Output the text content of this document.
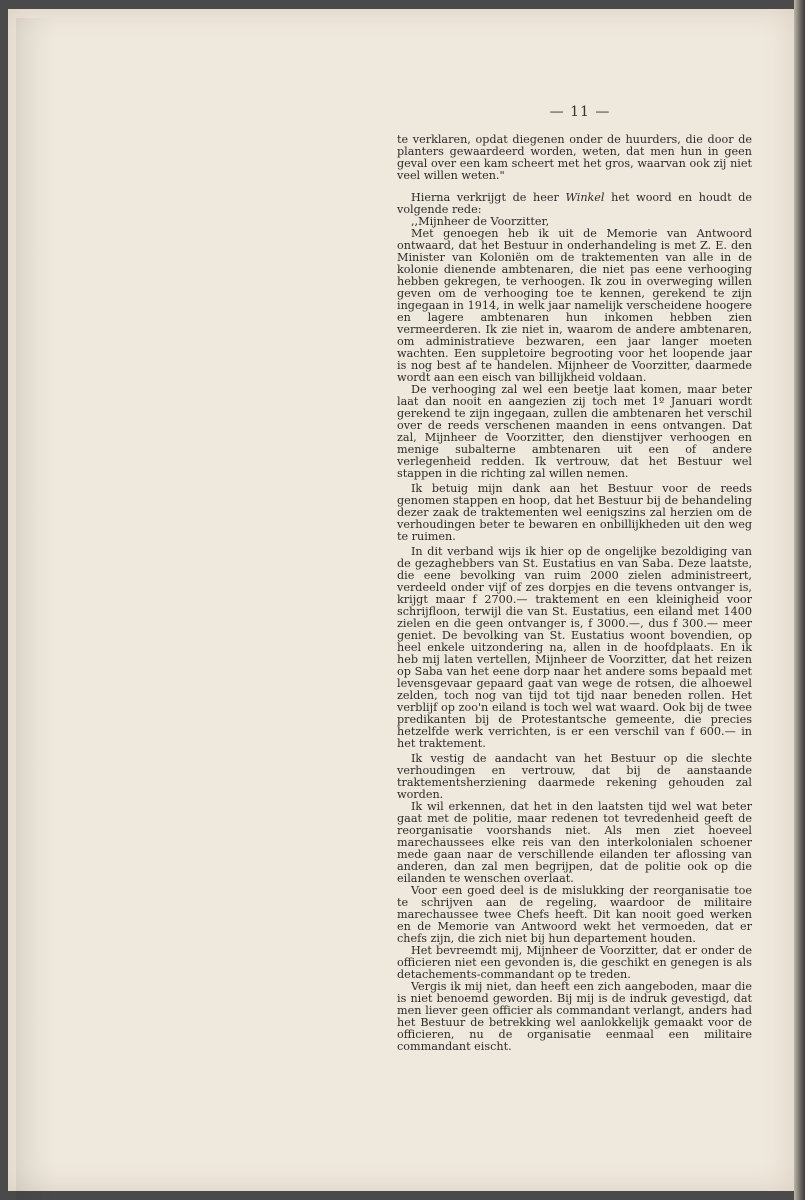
— 11 —

te verklaren, opdat diegenen onder de huurders, die door de planters gewaardeerd worden, weten, dat men hun in geen geval over een kam scheert met het gros, waarvan ook zij niet veel willen weten."

Hierna verkrijgt de heer Winkel het woord en houdt de volgende rede:

,,Mijnheer de Voorzitter,

Met genoegen heb ik uit de Memorie van Antwoord ontwaard, dat het Bestuur in onderhandeling is met Z. E. den Minister van Koloniën om de traktementen van alle in de kolonie dienende ambtenaren, die niet pas eene verhooging hebben gekregen, te verhoogen. Ik zou in overweging willen geven om de verhooging toe te kennen, gerekend te zijn ingegaan in 1914, in welk jaar namelijk verscheidene hoogere en lagere ambtenaren hun inkomen hebben zien vermeerderen. Ik zie niet in, waarom de andere ambtenaren, om administratieve bezwaren, een jaar langer moeten wachten. Een suppletoire begrooting voor het loopende jaar is nog best af te handelen. Mijnheer de Voorzitter, daarmede wordt aan een eisch van billijkheid voldaan.

De verhooging zal wel een beetje laat komen, maar beter laat dan nooit en aangezien zij toch met 1º Januari wordt gerekend te zijn ingegaan, zullen die ambtenaren het verschil over de reeds verschenen maanden in eens ontvangen. Dat zal, Mijnheer de Voorzitter, den dienstijver verhoogen en menige subalterne ambtenaren uit een of andere verlegenheid redden. Ik vertrouw, dat het Bestuur wel stappen in die richting zal willen nemen.

Ik betuig mijn dank aan het Bestuur voor de reeds genomen stappen en hoop, dat het Bestuur bij de behandeling dezer zaak de traktementen wel eenigszins zal herzien om de verhoudingen beter te bewaren en onbillijkheden uit den weg te ruimen.

In dit verband wijs ik hier op de ongelijke bezoldiging van de gezaghebbers van St. Eustatius en van Saba. Deze laatste, die eene bevolking van ruim 2000 zielen administreert, verdeeld onder vijf of zes dorpjes en die tevens ontvanger is, krijgt maar f 2700.— traktement en een kleinigheid voor schrijfloon, terwijl die van St. Eustatius, een eiland met 1400 zielen en die geen ontvanger is, f 3000.—, dus f 300.— meer geniet. De bevolking van St. Eustatius woont bovendien, op heel enkele uitzondering na, allen in de hoofdplaats. En ik heb mij laten vertellen, Mijnheer de Voorzitter, dat het reizen op Saba van het eene dorp naar het andere soms bepaald met levensgevaar gepaard gaat van wege de rotsen, die alhoewel zelden, toch nog van tijd tot tijd naar beneden rollen. Het verblijf op zoo'n eiland is toch wel wat waard. Ook bij de twee predikanten bij de Protestantsche gemeente, die precies hetzelfde werk verrichten, is er een verschil van f 600.— in het traktement.

Ik vestig de aandacht van het Bestuur op die slechte verhoudingen en vertrouw, dat bij de aanstaande traktementsherziening daarmede rekening gehouden zal worden.

Ik wil erkennen, dat het in den laatsten tijd wel wat beter gaat met de politie, maar redenen tot tevredenheid geeft de reorganisatie voorshands niet. Als men ziet hoeveel marechaussees elke reis van den interkolonialen schoener mede gaan naar de verschillende eilanden ter aflossing van anderen, dan zal men begrijpen, dat de politie ook op die eilanden te wenschen overlaat.

Voor een goed deel is de mislukking der reorganisatie toe te schrijven aan de regeling, waardoor de militaire marechaussee twee Chefs heeft. Dit kan nooit goed werken en de Memorie van Antwoord wekt het vermoeden, dat er chefs zijn, die zich niet bij hun departement houden.

Het bevreemdt mij, Mijnheer de Voorzitter, dat er onder de officieren niet een gevonden is, die geschikt en genegen is als detachements-commandant op te treden.

Vergis ik mij niet, dan heeft een zich aangeboden, maar die is niet benoemd geworden. Bij mij is de indruk gevestigd, dat men liever geen officier als commandant verlangt, anders had het Bestuur de betrekking wel aanlokkelijk gemaakt voor de officieren, nu de organisatie eenmaal een militaire commandant eischt.
